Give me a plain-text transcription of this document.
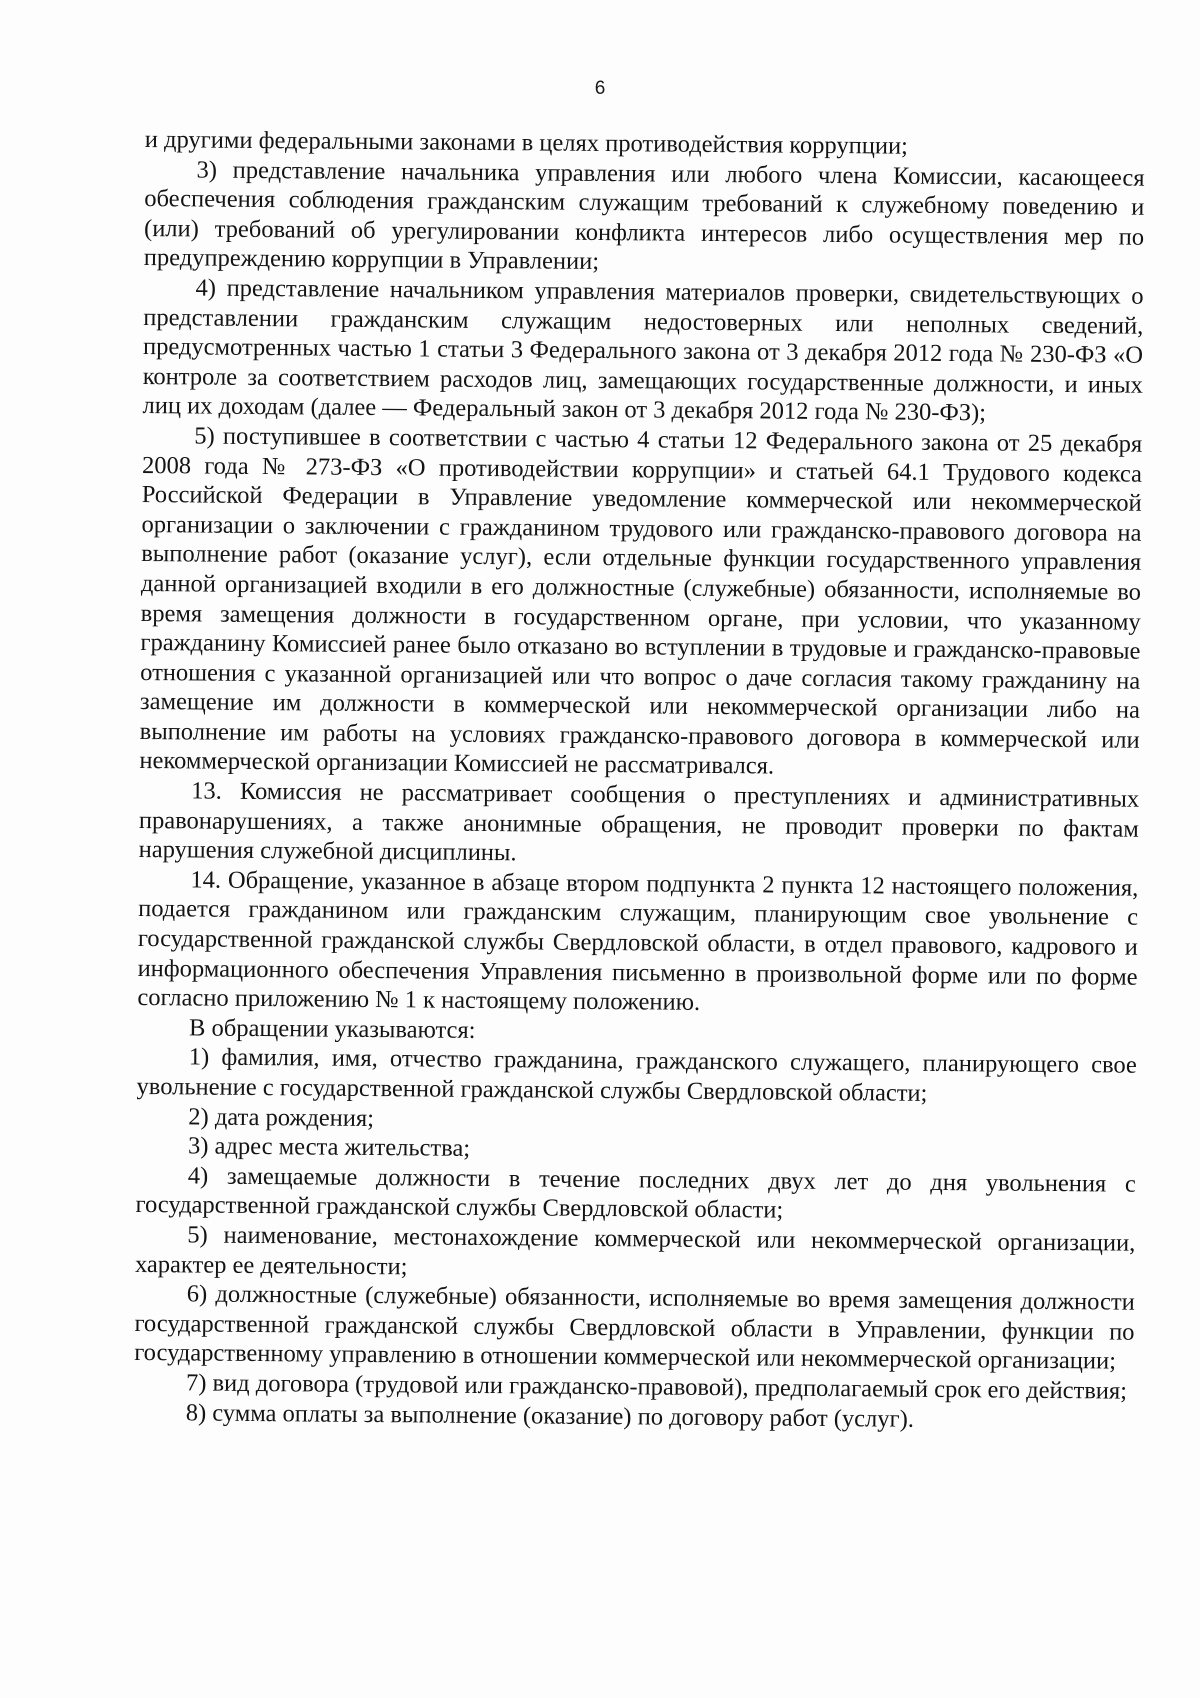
6

и другими федеральными законами в целях противодействия коррупции;

3) представление начальника управления или любого члена Комиссии, касающееся обеспечения соблюдения гражданским служащим требований к служебному поведению и (или) требований об урегулировании конфликта интересов либо осуществления мер по предупреждению коррупции в Управлении;

4) представление начальником управления материалов проверки, свидетельствующих о представлении гражданским служащим недостоверных или неполных сведений, предусмотренных частью 1 статьи 3 Федерального закона от 3 декабря 2012 года № 230-ФЗ «О контроле за соответствием расходов лиц, замещающих государственные должности, и иных лиц их доходам (далее — Федеральный закон от 3 декабря 2012 года № 230-ФЗ);

5) поступившее в соответствии с частью 4 статьи 12 Федерального закона от 25 декабря 2008 года № 273-ФЗ «О противодействии коррупции» и статьей 64.1 Трудового кодекса Российской Федерации в Управление уведомление коммерческой или некоммерческой организации о заключении с гражданином трудового или гражданско-правового договора на выполнение работ (оказание услуг), если отдельные функции государственного управления данной организацией входили в его должностные (служебные) обязанности, исполняемые во время замещения должности в государственном органе, при условии, что указанному гражданину Комиссией ранее было отказано во вступлении в трудовые и гражданско-правовые отношения с указанной организацией или что вопрос о даче согласия такому гражданину на замещение им должности в коммерческой или некоммерческой организации либо на выполнение им работы на условиях гражданско-правового договора в коммерческой или некоммерческой организации Комиссией не рассматривался.

13. Комиссия не рассматривает сообщения о преступлениях и административных правонарушениях, а также анонимные обращения, не проводит проверки по фактам нарушения служебной дисциплины.

14. Обращение, указанное в абзаце втором подпункта 2 пункта 12 настоящего положения, подается гражданином или гражданским служащим, планирующим свое увольнение с государственной гражданской службы Свердловской области, в отдел правового, кадрового и информационного обеспечения Управления письменно в произвольной форме или по форме согласно приложению № 1 к настоящему положению.

В обращении указываются:

1) фамилия, имя, отчество гражданина, гражданского служащего, планирующего свое увольнение с государственной гражданской службы Свердловской области;

2) дата рождения;

3) адрес места жительства;

4) замещаемые должности в течение последних двух лет до дня увольнения с государственной гражданской службы Свердловской области;

5) наименование, местонахождение коммерческой или некоммерческой организации, характер ее деятельности;

6) должностные (служебные) обязанности, исполняемые во время замещения должности государственной гражданской службы Свердловской области в Управлении, функции по государственному управлению в отношении коммерческой или некоммерческой организации;

7) вид договора (трудовой или гражданско-правовой), предполагаемый срок его действия;

8) сумма оплаты за выполнение (оказание) по договору работ (услуг).
